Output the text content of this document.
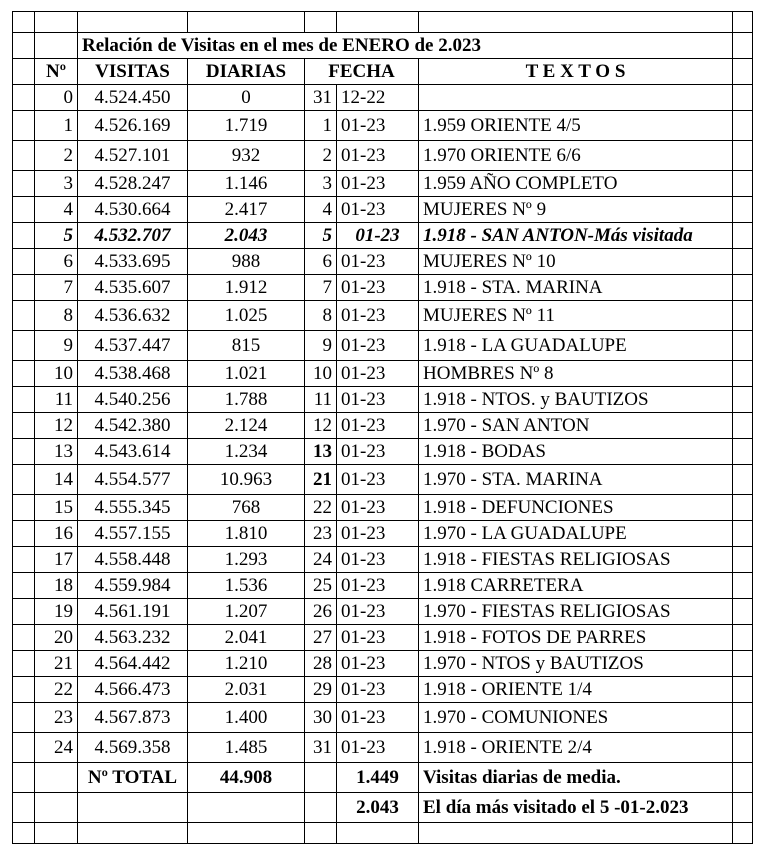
		Relación de Visitas en el mes de ENERO de 2.023					
	Nº	VISITAS	DIARIAS	FECHA		T E X T O S	
	0	4.524.450	0	31	12-22		
	1	4.526.169	1.719	1	01-23	1.959 ORIENTE 4/5	
	2	4.527.101	932	2	01-23	1.970 ORIENTE 6/6	
	3	4.528.247	1.146	3	01-23	1.959 AÑO COMPLETO	
	4	4.530.664	2.417	4	01-23	MUJERES Nº 9	
	5	4.532.707	2.043	5	01-23	1.918 - SAN ANTON-Más visitada	
	6	4.533.695	988	6	01-23	MUJERES Nº 10	
	7	4.535.607	1.912	7	01-23	1.918 - STA. MARINA	
	8	4.536.632	1.025	8	01-23	MUJERES Nº 11	
	9	4.537.447	815	9	01-23	1.918 - LA GUADALUPE	
	10	4.538.468	1.021	10	01-23	HOMBRES Nº 8	
	11	4.540.256	1.788	11	01-23	1.918 - NTOS. y BAUTIZOS	
	12	4.542.380	2.124	12	01-23	1.970 - SAN ANTON	
	13	4.543.614	1.234	13	01-23	1.918 - BODAS	
	14	4.554.577	10.963	21	01-23	1.970 - STA. MARINA	
	15	4.555.345	768	22	01-23	1.918 - DEFUNCIONES	
	16	4.557.155	1.810	23	01-23	1.970 - LA GUADALUPE	
	17	4.558.448	1.293	24	01-23	1.918 - FIESTAS RELIGIOSAS	
	18	4.559.984	1.536	25	01-23	1.918 CARRETERA	
	19	4.561.191	1.207	26	01-23	1.970 - FIESTAS RELIGIOSAS	
	20	4.563.232	2.041	27	01-23	1.918 - FOTOS DE PARRES	
	21	4.564.442	1.210	28	01-23	1.970 - NTOS y BAUTIZOS	
	22	4.566.473	2.031	29	01-23	1.918 - ORIENTE 1/4	
	23	4.567.873	1.400	30	01-23	1.970 - COMUNIONES	
	24	4.569.358	1.485	31	01-23	1.918 - ORIENTE 2/4	
		Nº TOTAL	44.908		1.449	Visitas diarias de media.	
					2.043	El día más visitado el 5 -01-2.023	
